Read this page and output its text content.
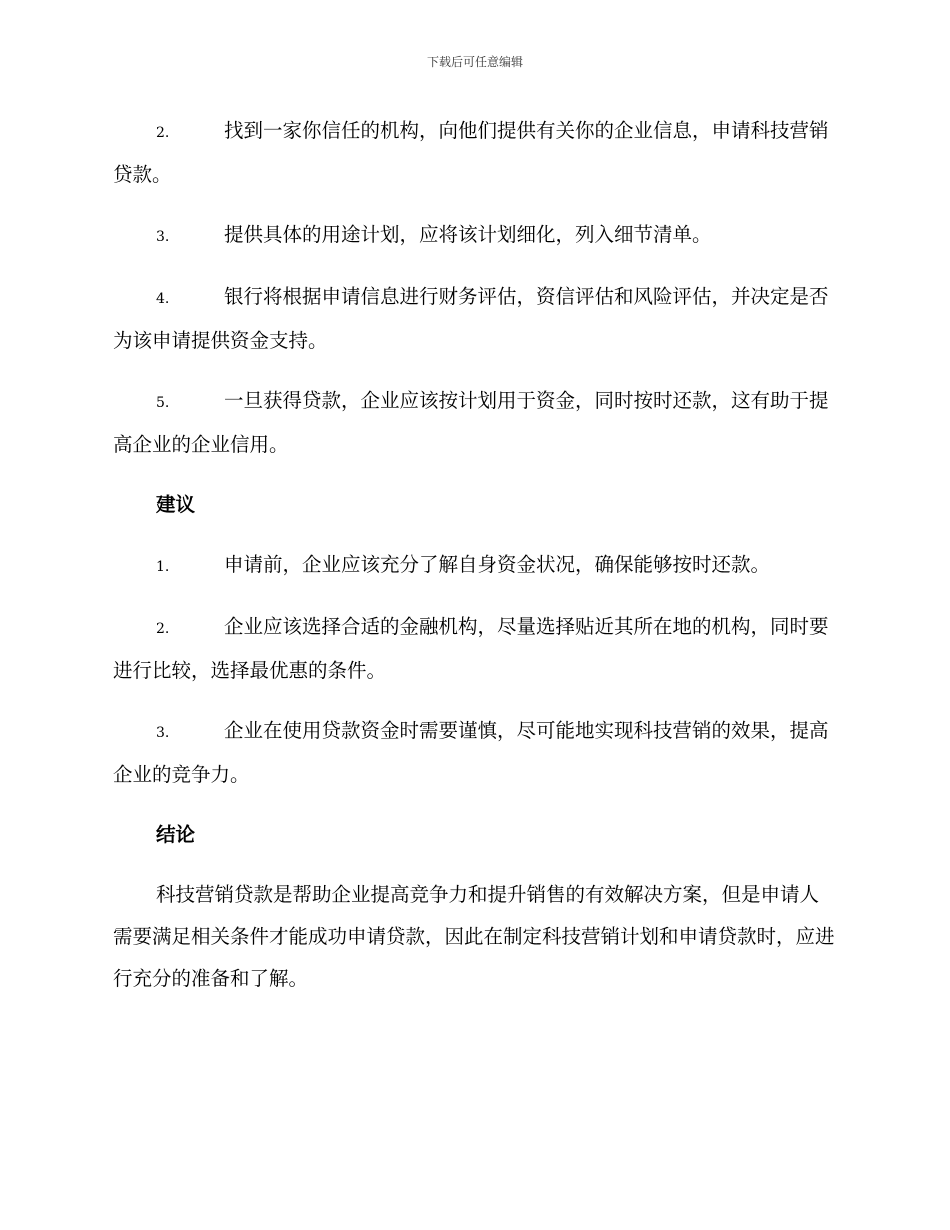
下载后可任意编辑
2.	找到一家你信任的机构，向他们提供有关你的企业信息，申请科技营销贷款。
3.	提供具体的用途计划，应将该计划细化，列入细节清单。
4.	银行将根据申请信息进行财务评估，资信评估和风险评估，并决定是否为该申请提供资金支持。
5.	一旦获得贷款，企业应该按计划用于资金，同时按时还款，这有助于提高企业的企业信用。
建议
1.	申请前，企业应该充分了解自身资金状况，确保能够按时还款。
2.	企业应该选择合适的金融机构，尽量选择贴近其所在地的机构，同时要进行比较，选择最优惠的条件。
3.	企业在使用贷款资金时需要谨慎，尽可能地实现科技营销的效果，提高企业的竞争力。
结论

科技营销贷款是帮助企业提高竞争力和提升销售的有效解决方案，但是申请人需要满足相关条件才能成功申请贷款，因此在制定科技营销计划和申请贷款时，应进行充分的准备和了解。
